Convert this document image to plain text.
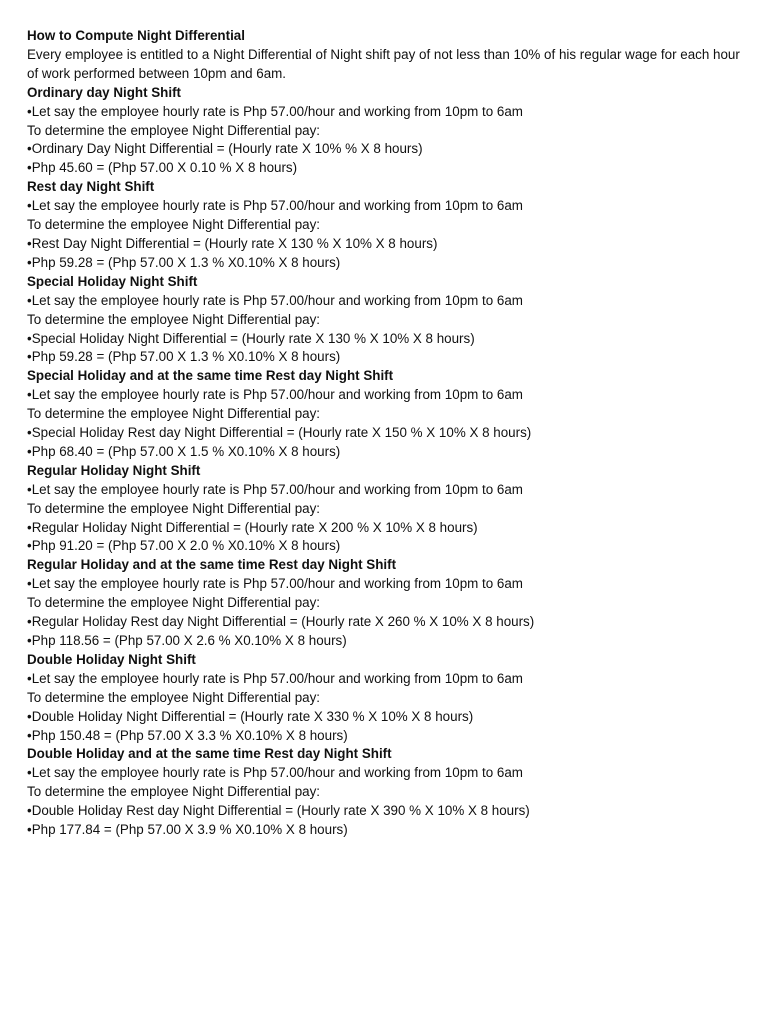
How to Compute Night Differential

Every employee is entitled to a Night Differential of Night shift pay of not less than 10% of his regular wage for each hour of work performed between 10pm and 6am.

Ordinary day Night Shift

•Let say the employee hourly rate is Php 57.00/hour and working from 10pm to 6am

To determine the employee Night Differential pay:

•Ordinary Day Night Differential = (Hourly rate X 10% % X 8 hours)

•Php 45.60 = (Php 57.00 X 0.10 % X 8 hours)

Rest day Night Shift

•Let say the employee hourly rate is Php 57.00/hour and working from 10pm to 6am

To determine the employee Night Differential pay:

•Rest Day Night Differential = (Hourly rate X 130 % X 10% X 8 hours)

•Php 59.28 = (Php 57.00 X 1.3 % X0.10% X 8 hours)

Special Holiday Night Shift

•Let say the employee hourly rate is Php 57.00/hour and working from 10pm to 6am

To determine the employee Night Differential pay:

•Special Holiday Night Differential = (Hourly rate X 130 % X 10% X 8 hours)

•Php 59.28 = (Php 57.00 X 1.3 % X0.10% X 8 hours)

Special Holiday and at the same time Rest day Night Shift

•Let say the employee hourly rate is Php 57.00/hour and working from 10pm to 6am

To determine the employee Night Differential pay:

•Special Holiday Rest day Night Differential = (Hourly rate X 150 % X 10% X 8 hours)

•Php 68.40 = (Php 57.00 X 1.5 % X0.10% X 8 hours)

Regular Holiday Night Shift

•Let say the employee hourly rate is Php 57.00/hour and working from 10pm to 6am

To determine the employee Night Differential pay:

•Regular Holiday Night Differential = (Hourly rate X 200 % X 10% X 8 hours)

•Php 91.20 = (Php 57.00 X 2.0 % X0.10% X 8 hours)

Regular Holiday and at the same time Rest day Night Shift

•Let say the employee hourly rate is Php 57.00/hour and working from 10pm to 6am

To determine the employee Night Differential pay:

•Regular Holiday Rest day Night Differential = (Hourly rate X 260 % X 10% X 8 hours)

•Php 118.56 = (Php 57.00 X 2.6 % X0.10% X 8 hours)

Double Holiday Night Shift

•Let say the employee hourly rate is Php 57.00/hour and working from 10pm to 6am

To determine the employee Night Differential pay:

•Double Holiday Night Differential = (Hourly rate X 330 % X 10% X 8 hours)

•Php 150.48 = (Php 57.00 X 3.3 % X0.10% X 8 hours)

Double Holiday and at the same time Rest day Night Shift

•Let say the employee hourly rate is Php 57.00/hour and working from 10pm to 6am

To determine the employee Night Differential pay:

•Double Holiday Rest day Night Differential = (Hourly rate X 390 % X 10% X 8 hours)

•Php 177.84 = (Php 57.00 X 3.9 % X0.10% X 8 hours)
